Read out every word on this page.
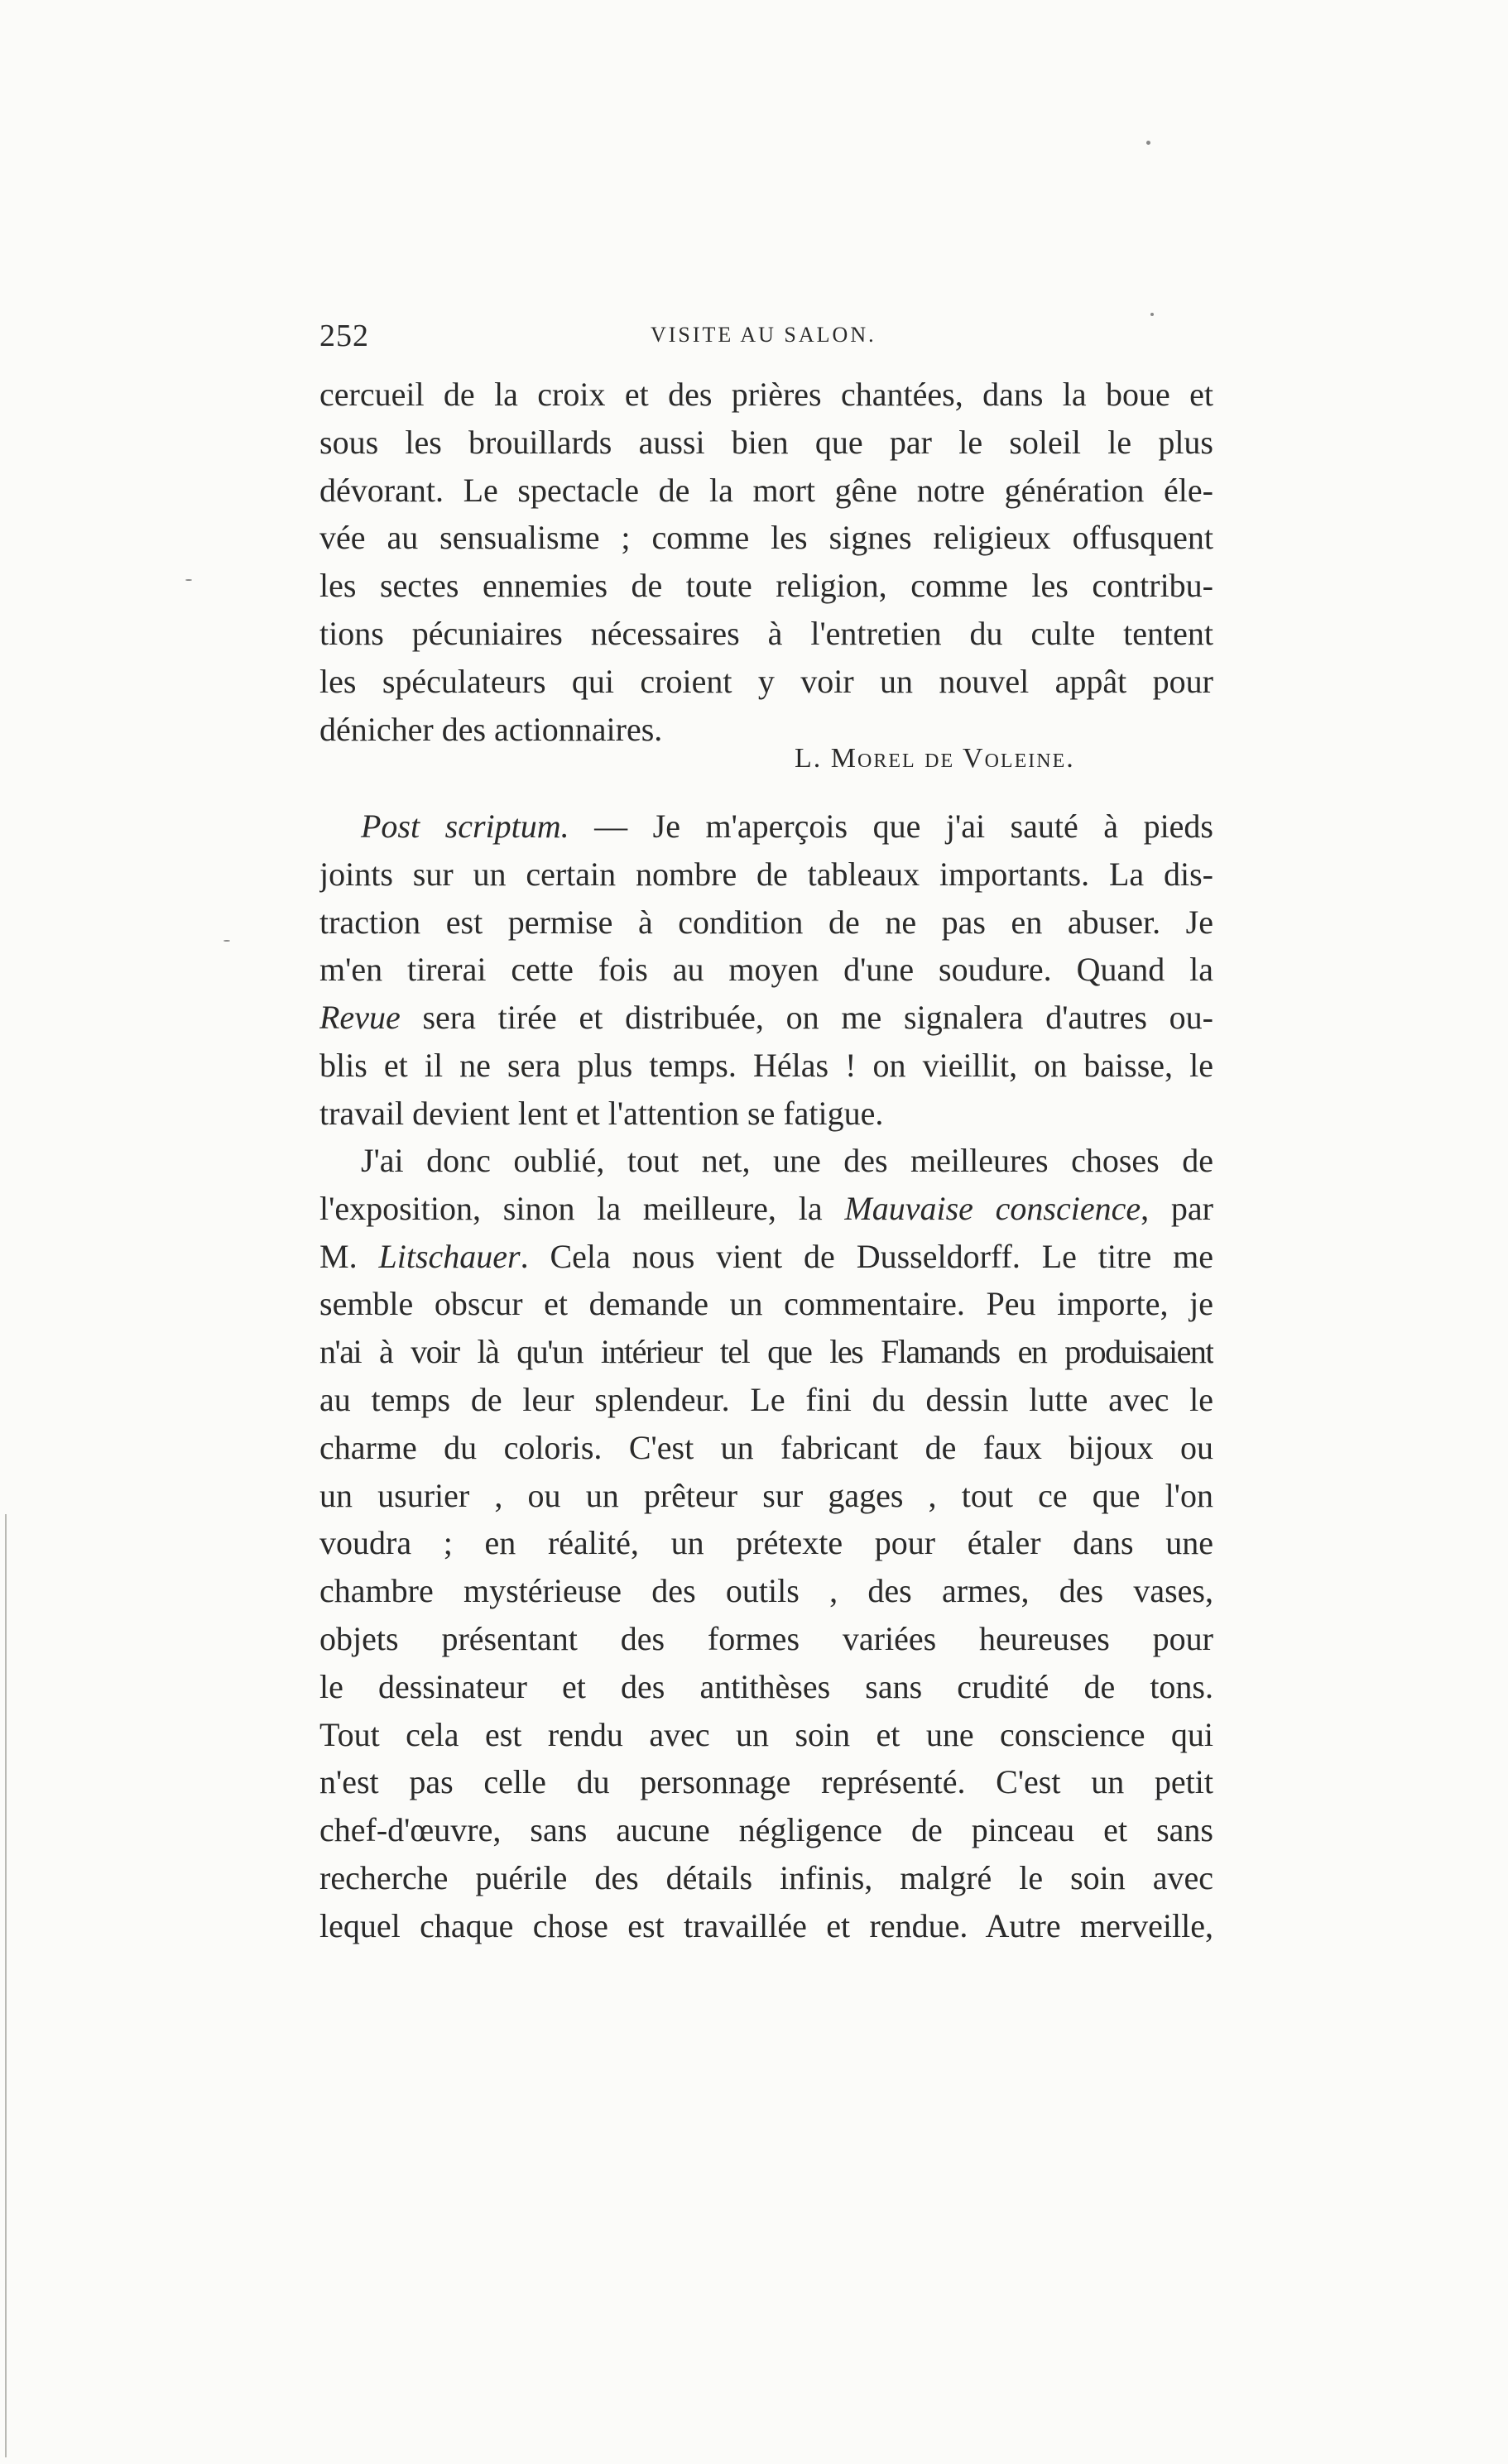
252	VISITE AU SALON.
cercueil de la croix et des prières chantées, dans la boue et
sous les brouillards aussi bien que par le soleil le plus
dévorant. Le spectacle de la mort gêne notre génération éle-
vée au sensualisme ; comme les signes religieux offusquent
les sectes ennemies de toute religion, comme les contribu-
tions pécuniaires nécessaires à l'entretien du culte tentent
les spéculateurs qui croient y voir un nouvel appât pour
dénicher des actionnaires.
L. Morel de Voleine.
Post scriptum. — Je m'aperçois que j'ai sauté à pieds
joints sur un certain nombre de tableaux importants. La dis-
traction est permise à condition de ne pas en abuser. Je
m'en tirerai cette fois au moyen d'une soudure. Quand la
Revue sera tirée et distribuée, on me signalera d'autres ou-
blis et il ne sera plus temps. Hélas ! on vieillit, on baisse, le
travail devient lent et l'attention se fatigue.
J'ai donc oublié, tout net, une des meilleures choses de
l'exposition, sinon la meilleure, la Mauvaise conscience, par
M. Litschauer. Cela nous vient de Dusseldorff. Le titre me
semble obscur et demande un commentaire. Peu importe, je
n'ai à voir là qu'un intérieur tel que les Flamands en produisaient
au temps de leur splendeur. Le fini du dessin lutte avec le
charme du coloris. C'est un fabricant de faux bijoux ou
un usurier , ou un prêteur sur gages , tout ce que l'on
voudra ; en réalité, un prétexte pour étaler dans une
chambre mystérieuse des outils , des armes, des vases,
objets présentant des formes variées heureuses pour
le dessinateur et des antithèses sans crudité de tons.
Tout cela est rendu avec un soin et une conscience qui
n'est pas celle du personnage représenté. C'est un petit
chef-d'œuvre, sans aucune négligence de pinceau et sans
recherche puérile des détails infinis, malgré le soin avec
lequel chaque chose est travaillée et rendue. Autre merveille,
